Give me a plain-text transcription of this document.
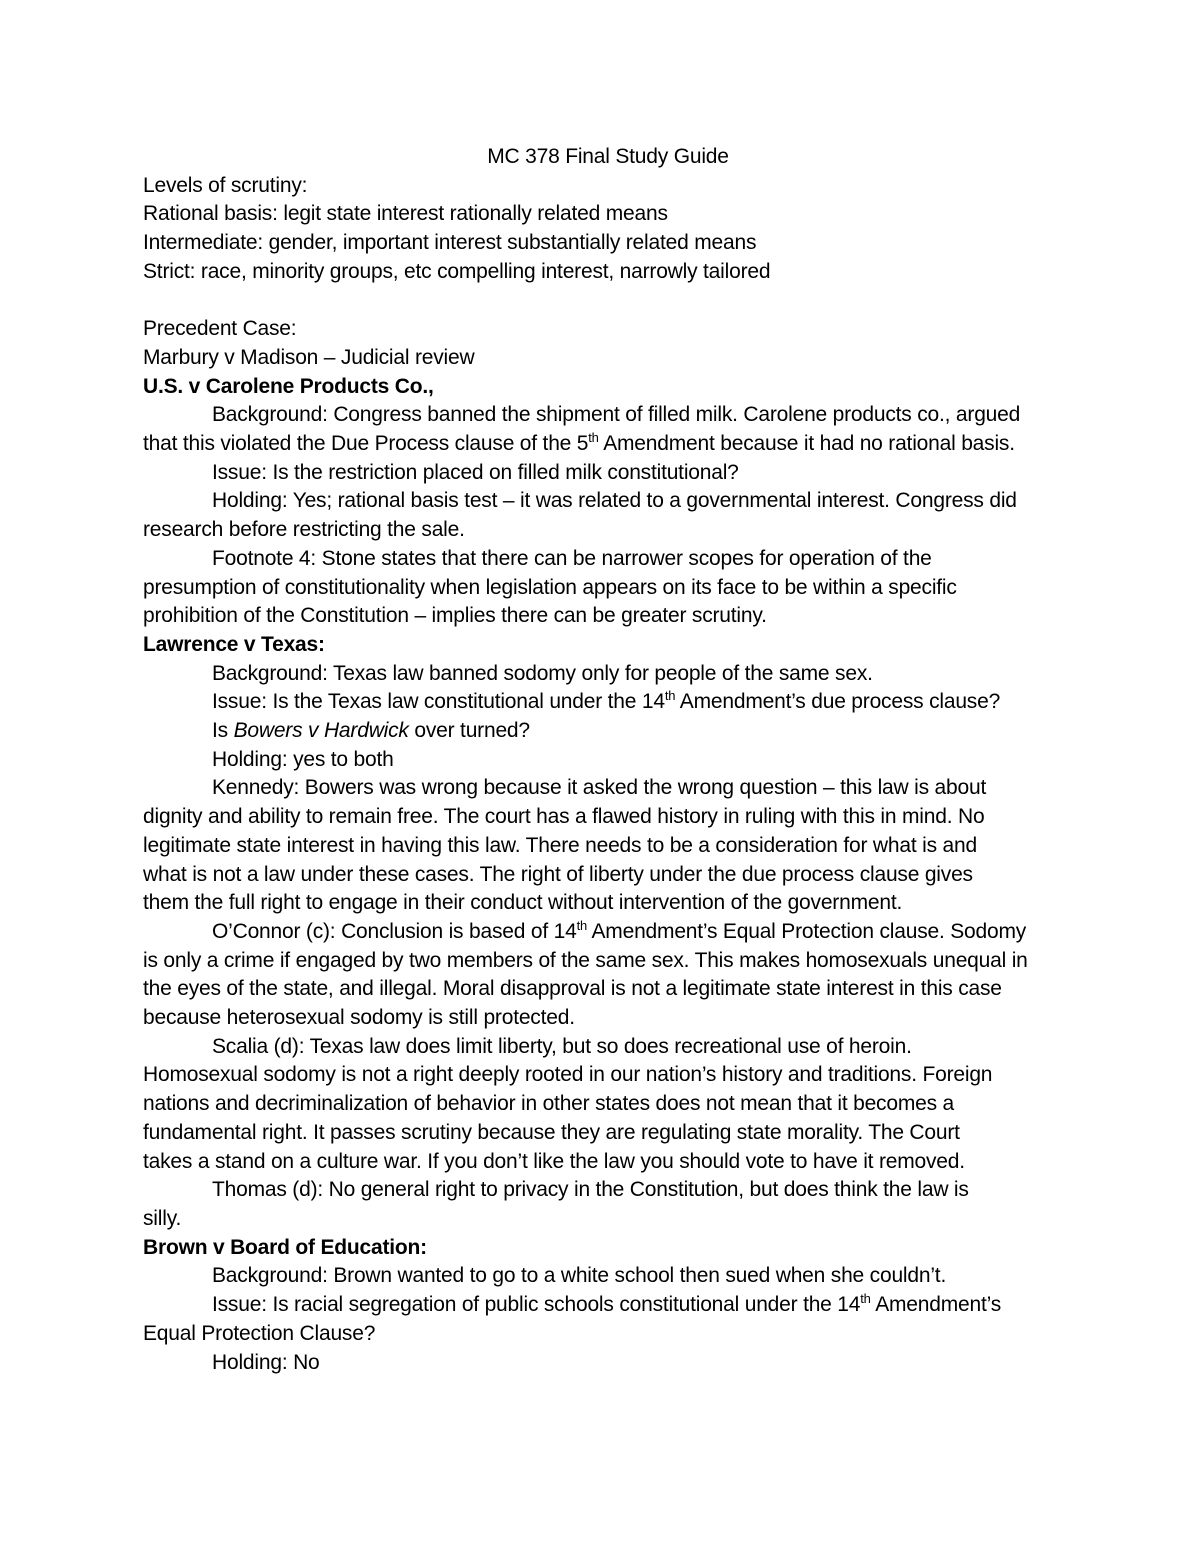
MC 378 Final Study Guide

Levels of scrutiny:

Rational basis: legit state interest rationally related means

Intermediate: gender, important interest substantially related means

Strict: race, minority groups, etc compelling interest, narrowly tailored

Precedent Case:

Marbury v Madison – Judicial review

U.S. v Carolene Products Co.,

Background: Congress banned the shipment of filled milk. Carolene products co., argued

that this violated the Due Process clause of the 5th Amendment because it had no rational basis.

Issue: Is the restriction placed on filled milk constitutional?

Holding: Yes; rational basis test – it was related to a governmental interest. Congress did

research before restricting the sale.

Footnote 4: Stone states that there can be narrower scopes for operation of the

presumption of constitutionality when legislation appears on its face to be within a specific

prohibition of the Constitution – implies there can be greater scrutiny.

Lawrence v Texas:

Background: Texas law banned sodomy only for people of the same sex.

Issue: Is the Texas law constitutional under the 14th Amendment’s due process clause?

Is Bowers v Hardwick over turned?

Holding: yes to both

Kennedy: Bowers was wrong because it asked the wrong question – this law is about

dignity and ability to remain free. The court has a flawed history in ruling with this in mind. No

legitimate state interest in having this law. There needs to be a consideration for what is and

what is not a law under these cases. The right of liberty under the due process clause gives

them the full right to engage in their conduct without intervention of the government.

O’Connor (c): Conclusion is based of 14th Amendment’s Equal Protection clause. Sodomy

is only a crime if engaged by two members of the same sex. This makes homosexuals unequal in

the eyes of the state, and illegal. Moral disapproval is not a legitimate state interest in this case

because heterosexual sodomy is still protected.

Scalia (d): Texas law does limit liberty, but so does recreational use of heroin.

Homosexual sodomy is not a right deeply rooted in our nation’s history and traditions. Foreign

nations and decriminalization of behavior in other states does not mean that it becomes a

fundamental right. It passes scrutiny because they are regulating state morality. The Court

takes a stand on a culture war. If you don’t like the law you should vote to have it removed.

Thomas (d): No general right to privacy in the Constitution, but does think the law is

silly.

Brown v Board of Education:

Background: Brown wanted to go to a white school then sued when she couldn’t.

Issue: Is racial segregation of public schools constitutional under the 14th Amendment’s

Equal Protection Clause?

Holding: No
